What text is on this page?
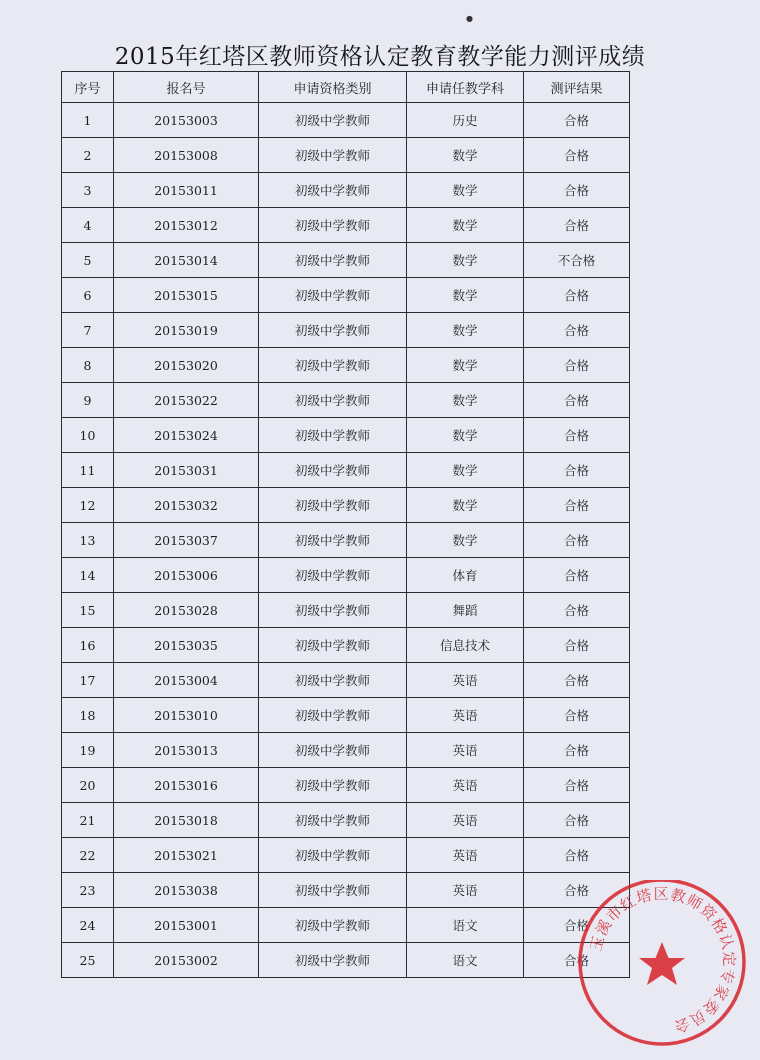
●
2015年红塔区教师资格认定教育教学能力测评成绩
序号	报名号	申请资格类别	申请任教学科	测评结果
1	20153003	初级中学教师	历史	合格
2	20153008	初级中学教师	数学	合格
3	20153011	初级中学教师	数学	合格
4	20153012	初级中学教师	数学	合格
5	20153014	初级中学教师	数学	不合格
6	20153015	初级中学教师	数学	合格
7	20153019	初级中学教师	数学	合格
8	20153020	初级中学教师	数学	合格
9	20153022	初级中学教师	数学	合格
10	20153024	初级中学教师	数学	合格
11	20153031	初级中学教师	数学	合格
12	20153032	初级中学教师	数学	合格
13	20153037	初级中学教师	数学	合格
14	20153006	初级中学教师	体育	合格
15	20153028	初级中学教师	舞蹈	合格
16	20153035	初级中学教师	信息技术	合格
17	20153004	初级中学教师	英语	合格
18	20153010	初级中学教师	英语	合格
19	20153013	初级中学教师	英语	合格
20	20153016	初级中学教师	英语	合格
21	20153018	初级中学教师	英语	合格
22	20153021	初级中学教师	英语	合格
23	20153038	初级中学教师	英语	合格
24	20153001	初级中学教师	语文	合格
25	20153002	初级中学教师	语文	合格
玉溪市红塔区教师资格认定专家委员会
